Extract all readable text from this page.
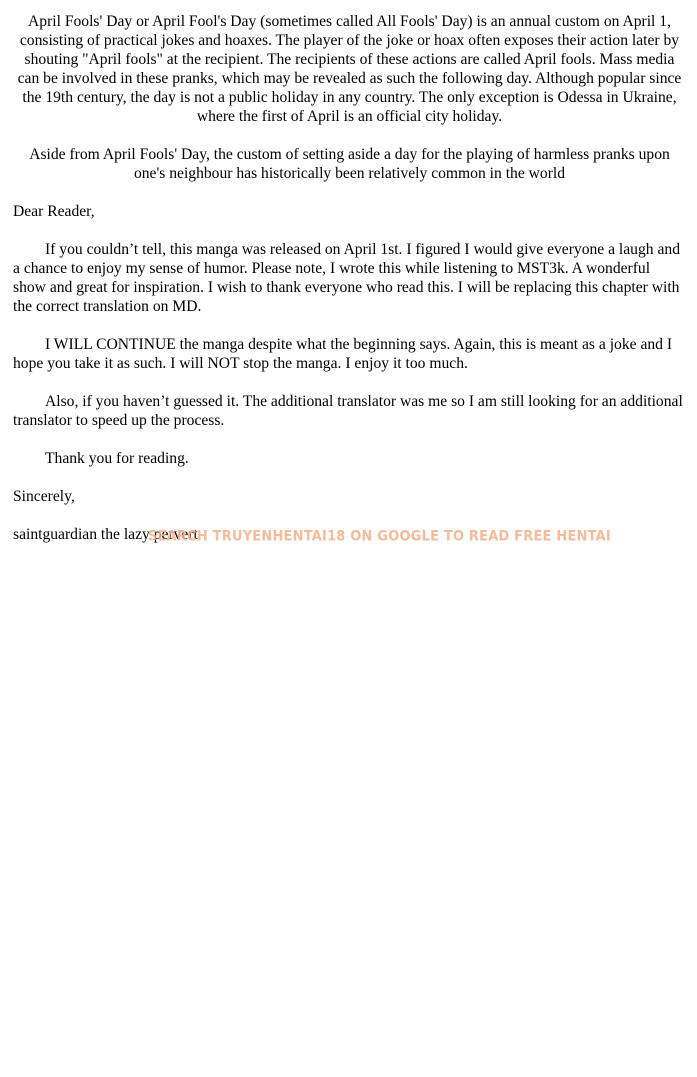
April Fools' Day or April Fool's Day (sometimes called All Fools' Day) is an annual custom on April 1, consisting of practical jokes and hoaxes. The player of the joke or hoax often exposes their action later by shouting "April fools" at the recipient. The recipients of these actions are called April fools. Mass media can be involved in these pranks, which may be revealed as such the following day. Although popular since the 19th century, the day is not a public holiday in any country. The only exception is Odessa in Ukraine, where the first of April is an official city holiday.

Aside from April Fools' Day, the custom of setting aside a day for the playing of harmless pranks upon one's neighbour has historically been relatively common in the world

Dear Reader,

If you couldn’t tell, this manga was released on April 1st. I figured I would give everyone a laugh and a chance to enjoy my sense of humor. Please note, I wrote this while listening to MST3k. A wonderful show and great for inspiration. I wish to thank everyone who read this. I will be replacing this chapter with the correct translation on MD.

I WILL CONTINUE the manga despite what the beginning says. Again, this is meant as a joke and I hope you take it as such. I will NOT stop the manga. I enjoy it too much.

Also, if you haven’t guessed it. The additional translator was me so I am still looking for an additional translator to speed up the process.

Thank you for reading.

Sincerely,

saintguardian the lazy pervert

SEARCH TRUYENHENTAI18 ON GOOGLE TO READ FREE HENTAI
